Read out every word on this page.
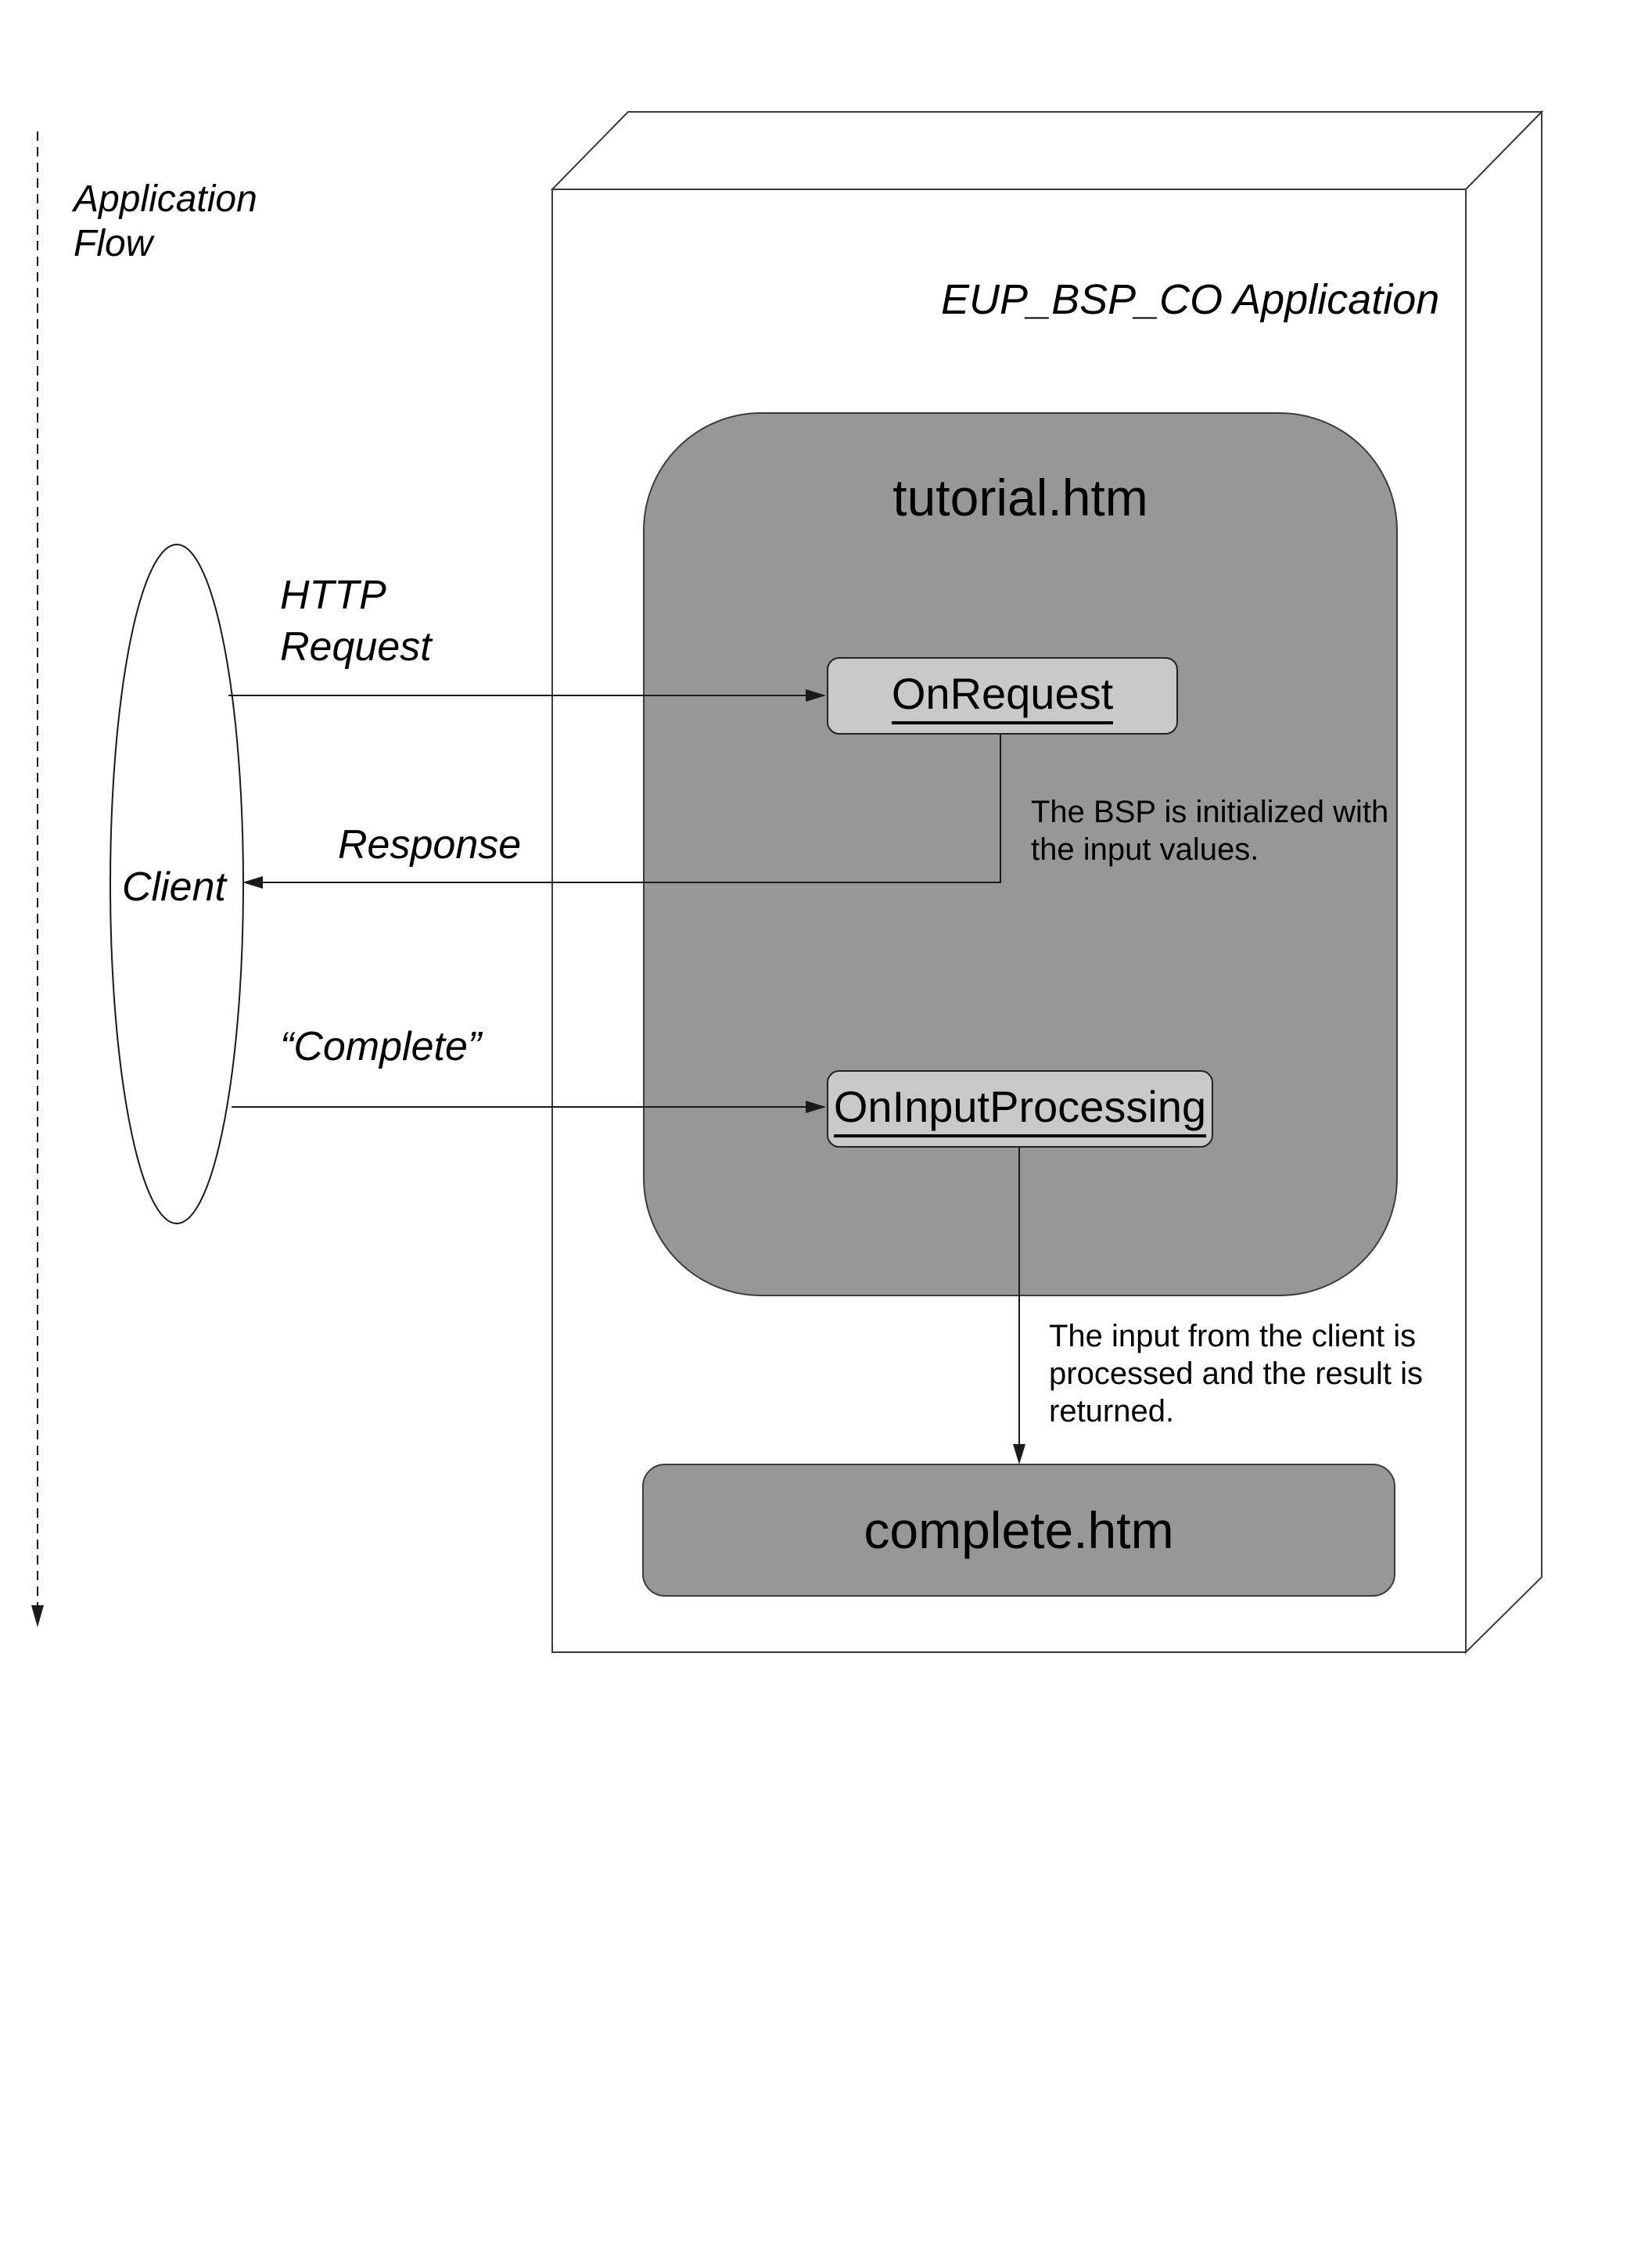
Application
Flow
EUP_BSP_CO Application
tutorial.htm
OnRequest
OnInputProcessing
Client
HTTP
Request
Response
“Complete”
The BSP is initialized with
the input values.
The input from the client is
processed and the result is
returned.
complete.htm
